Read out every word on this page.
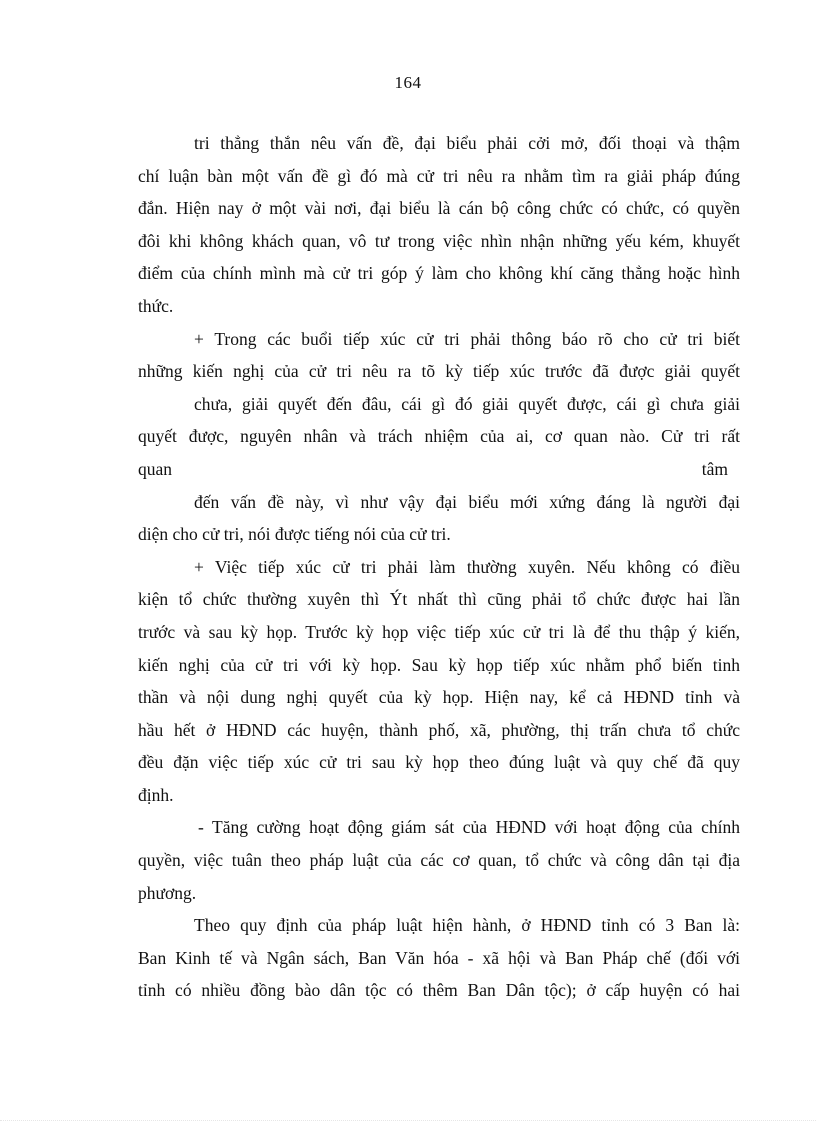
164
tri thẳng thắn nêu vấn đề, đại biểu phải cởi mở, đối thoại và thậm
chí luận bàn một vấn đề gì đó mà cử tri nêu ra nhằm tìm ra giải pháp đúng
đắn. Hiện nay ở một vài nơi, đại biểu là cán bộ công chức có chức, có quyền
đôi khi không khách quan, vô tư trong việc nhìn nhận những yếu kém, khuyết
điểm của chính mình mà cử tri góp ý làm cho không khí căng thẳng hoặc hình
thức.
+ Trong các buổi tiếp xúc cử tri phải thông báo rõ cho cử tri biết
những kiến nghị của cử tri nêu ra tõ kỳ tiếp xúc trước đã được giải quyết
chưa, giải quyết đến đâu, cái gì đó giải quyết được, cái gì chưa giải
quyết được, nguyên nhân và trách nhiệm của ai, cơ quan nào. Cử tri rất
quan	tâm
đến vấn đề này, vì như vậy đại biểu mới xứng đáng là người đại
diện cho cử tri, nói được tiếng nói của cử tri.
+ Việc tiếp xúc cử tri phải làm thường xuyên. Nếu không có điều
kiện tổ chức thường xuyên thì Ýt nhất thì cũng phải tổ chức được hai lần
trước và sau kỳ họp. Trước kỳ họp việc tiếp xúc cử tri là để thu thập ý kiến,
kiến nghị của cử tri với kỳ họp. Sau kỳ họp tiếp xúc nhằm phổ biến tinh
thần và nội dung nghị quyết của kỳ họp. Hiện nay, kể cả HĐND tỉnh và
hầu hết ở HĐND các huyện, thành phố, xã, phường, thị trấn chưa tổ chức
đều đặn việc tiếp xúc cử tri sau kỳ họp theo đúng luật và quy chế đã quy
định.
- Tăng cường hoạt động giám sát của HĐND với hoạt động của chính
quyền, việc tuân theo pháp luật của các cơ quan, tổ chức và công dân tại địa
phương.
Theo quy định của pháp luật hiện hành, ở HĐND tỉnh có 3 Ban là:
Ban Kinh tế và Ngân sách, Ban Văn hóa - xã hội và Ban Pháp chế (đối với
tỉnh có nhiều đồng bào dân tộc có thêm Ban Dân tộc); ở cấp huyện có hai
